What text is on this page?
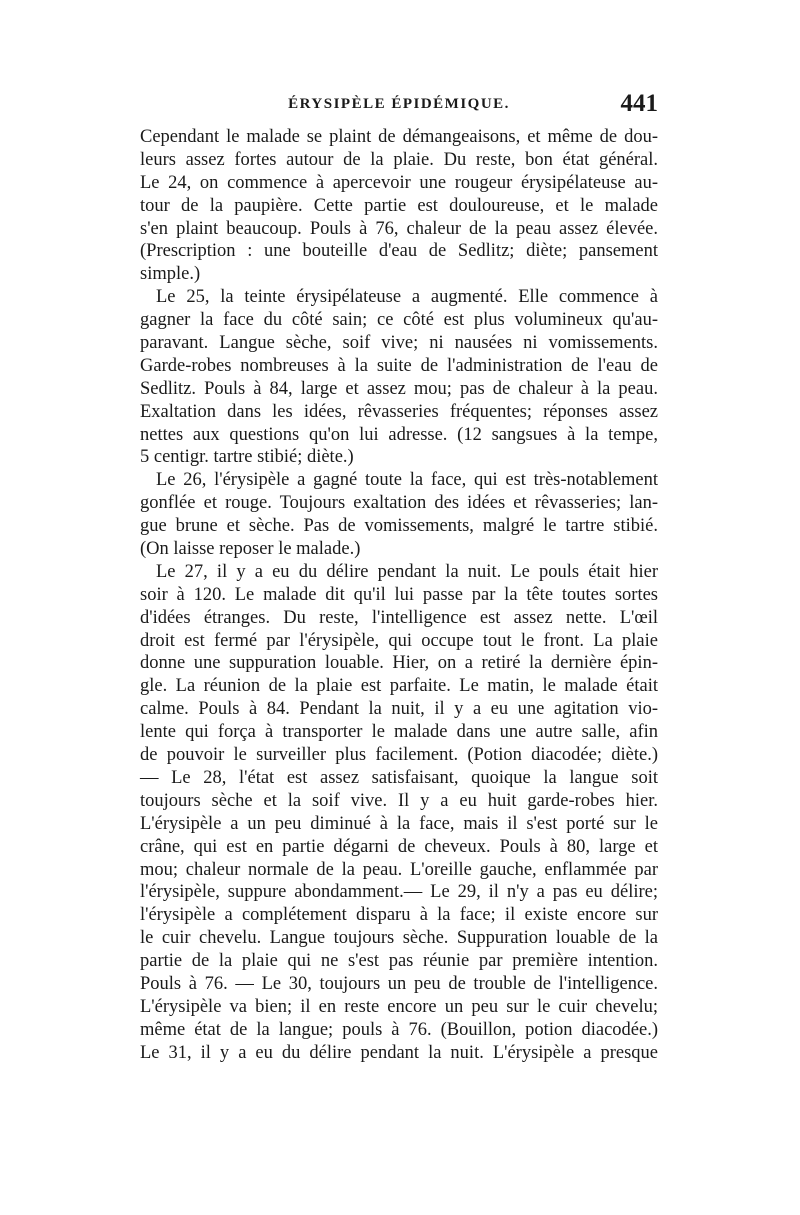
ÉRYSIPÈLE ÉPIDÉMIQUE.	441
Cependant le malade se plaint de démangeaisons, et même de dou-
leurs assez fortes autour de la plaie. Du reste, bon état général.
Le 24, on commence à apercevoir une rougeur érysipélateuse au-
tour de la paupière. Cette partie est douloureuse, et le malade
s'en plaint beaucoup. Pouls à 76, chaleur de la peau assez élevée.
(Prescription : une bouteille d'eau de Sedlitz; diète; pansement
simple.)
Le 25, la teinte érysipélateuse a augmenté. Elle commence à
gagner la face du côté sain; ce côté est plus volumineux qu'au-
paravant. Langue sèche, soif vive; ni nausées ni vomissements.
Garde-robes nombreuses à la suite de l'administration de l'eau de
Sedlitz. Pouls à 84, large et assez mou; pas de chaleur à la peau.
Exaltation dans les idées, rêvasseries fréquentes; réponses assez
nettes aux questions qu'on lui adresse. (12 sangsues à la tempe,
5 centigr. tartre stibié; diète.)
Le 26, l'érysipèle a gagné toute la face, qui est très-notablement
gonflée et rouge. Toujours exaltation des idées et rêvasseries; lan-
gue brune et sèche. Pas de vomissements, malgré le tartre stibié.
(On laisse reposer le malade.)
Le 27, il y a eu du délire pendant la nuit. Le pouls était hier
soir à 120. Le malade dit qu'il lui passe par la tête toutes sortes
d'idées étranges. Du reste, l'intelligence est assez nette. L'œil
droit est fermé par l'érysipèle, qui occupe tout le front. La plaie
donne une suppuration louable. Hier, on a retiré la dernière épin-
gle. La réunion de la plaie est parfaite. Le matin, le malade était
calme. Pouls à 84. Pendant la nuit, il y a eu une agitation vio-
lente qui força à transporter le malade dans une autre salle, afin
de pouvoir le surveiller plus facilement. (Potion diacodée; diète.)
— Le 28, l'état est assez satisfaisant, quoique la langue soit
toujours sèche et la soif vive. Il y a eu huit garde-robes hier.
L'érysipèle a un peu diminué à la face, mais il s'est porté sur le
crâne, qui est en partie dégarni de cheveux. Pouls à 80, large et
mou; chaleur normale de la peau. L'oreille gauche, enflammée par
l'érysipèle, suppure abondamment.— Le 29, il n'y a pas eu délire;
l'érysipèle a complétement disparu à la face; il existe encore sur
le cuir chevelu. Langue toujours sèche. Suppuration louable de la
partie de la plaie qui ne s'est pas réunie par première intention.
Pouls à 76. — Le 30, toujours un peu de trouble de l'intelligence.
L'érysipèle va bien; il en reste encore un peu sur le cuir chevelu;
même état de la langue; pouls à 76. (Bouillon, potion diacodée.)
Le 31, il y a eu du délire pendant la nuit. L'érysipèle a presque
